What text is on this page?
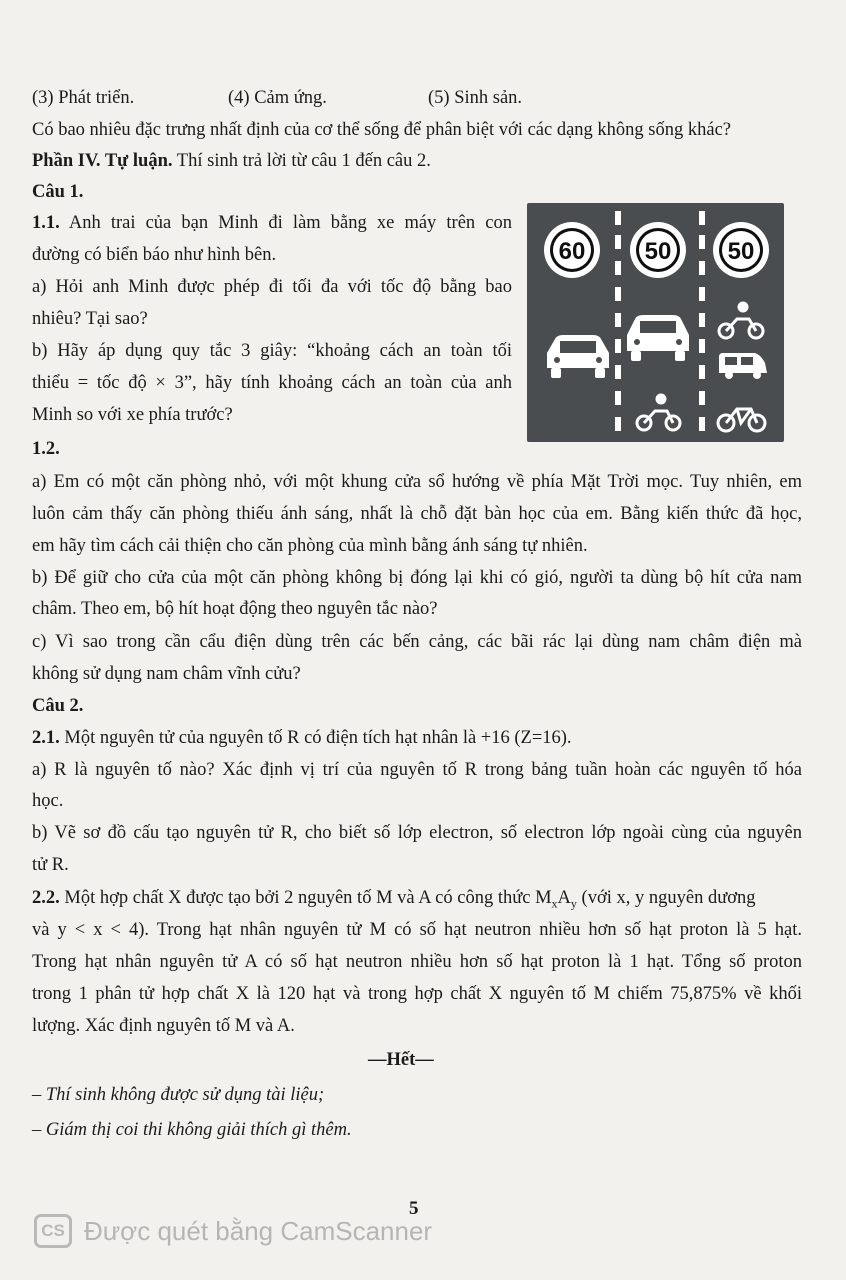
(3) Phát triển.	(4) Cảm ứng.	(5) Sinh sản.
Có bao nhiêu đặc trưng nhất định của cơ thể sống để phân biệt với các dạng không sống khác?
Phần IV. Tự luận. Thí sinh trả lời từ câu 1 đến câu 2.
Câu 1.
1.1. Anh trai của bạn Minh đi làm bằng xe máy trên con
đường có biển báo như hình bên.
a) Hỏi anh Minh được phép đi tối đa với tốc độ bằng bao
nhiêu? Tại sao?
b) Hãy áp dụng quy tắc 3 giây: “khoảng cách an toàn tối
thiểu = tốc độ × 3”, hãy tính khoảng cách an toàn của anh
Minh so với xe phía trước?
60 50 50
1.2.
a) Em có một căn phòng nhỏ, với một khung cửa sổ hướng về phía Mặt Trời mọc. Tuy nhiên, em
luôn cảm thấy căn phòng thiếu ánh sáng, nhất là chỗ đặt bàn học của em. Bằng kiến thức đã học,
em hãy tìm cách cải thiện cho căn phòng của mình bằng ánh sáng tự nhiên.
b) Để giữ cho cửa của một căn phòng không bị đóng lại khi có gió, người ta dùng bộ hít cửa nam
châm. Theo em, bộ hít hoạt động theo nguyên tắc nào?
c) Vì sao trong cần cẩu điện dùng trên các bến cảng, các bãi rác lại dùng nam châm điện mà
không sử dụng nam châm vĩnh cửu?
Câu 2.
2.1. Một nguyên tử của nguyên tố R có điện tích hạt nhân là +16 (Z=16).
a) R là nguyên tố nào? Xác định vị trí của nguyên tố R trong bảng tuần hoàn các nguyên tố hóa
học.
b) Vẽ sơ đồ cấu tạo nguyên tử R, cho biết số lớp electron, số electron lớp ngoài cùng của nguyên
tử R.
2.2. Một hợp chất X được tạo bởi 2 nguyên tố M và A có công thức $M_xA_y$ (với x, y nguyên dương
và y < x < 4). Trong hạt nhân nguyên tử M có số hạt neutron nhiều hơn số hạt proton là 5 hạt.
Trong hạt nhân nguyên tử A có số hạt neutron nhiều hơn số hạt proton là 1 hạt. Tổng số proton
trong 1 phân tử hợp chất X là 120 hạt và trong hợp chất X nguyên tố M chiếm 75,875% về khối
lượng. Xác định nguyên tố M và A.
—Hết—
– Thí sinh không được sử dụng tài liệu;
– Giám thị coi thi không giải thích gì thêm.
5
CS Được quét bằng CamScanner
